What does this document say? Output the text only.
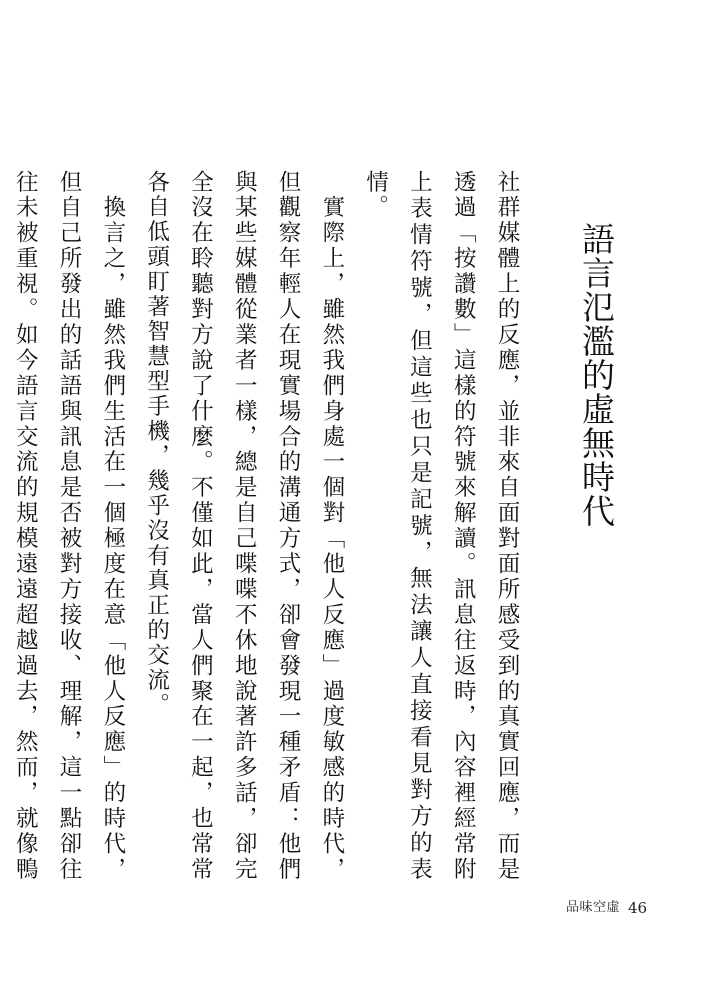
語言氾濫的虛無時代

社群媒體上的反應，並非來自面對面所感受到的真實回應，而是透過「按讚數」這樣的符號來解讀。訊息往返時，內容裡經常附上表情符號，但這些也只是記號，無法讓人直接看見對方的表情。

　實際上，雖然我們身處一個對「他人反應」過度敏感的時代，但觀察年輕人在現實場合的溝通方式，卻會發現一種矛盾：他們與某些媒體從業者一樣，總是自己喋喋不休地說著許多話，卻完全沒在聆聽對方說了什麼。不僅如此，當人們聚在一起，也常常各自低頭盯著智慧型手機，幾乎沒有真正的交流。

　換言之，雖然我們生活在一個極度在意「他人反應」的時代，但自己所發出的話語與訊息是否被對方接收、理解，這一點卻往往未被重視。如今語言交流的規模遠遠超越過去，然而，就像鴨

品味空虛 46
